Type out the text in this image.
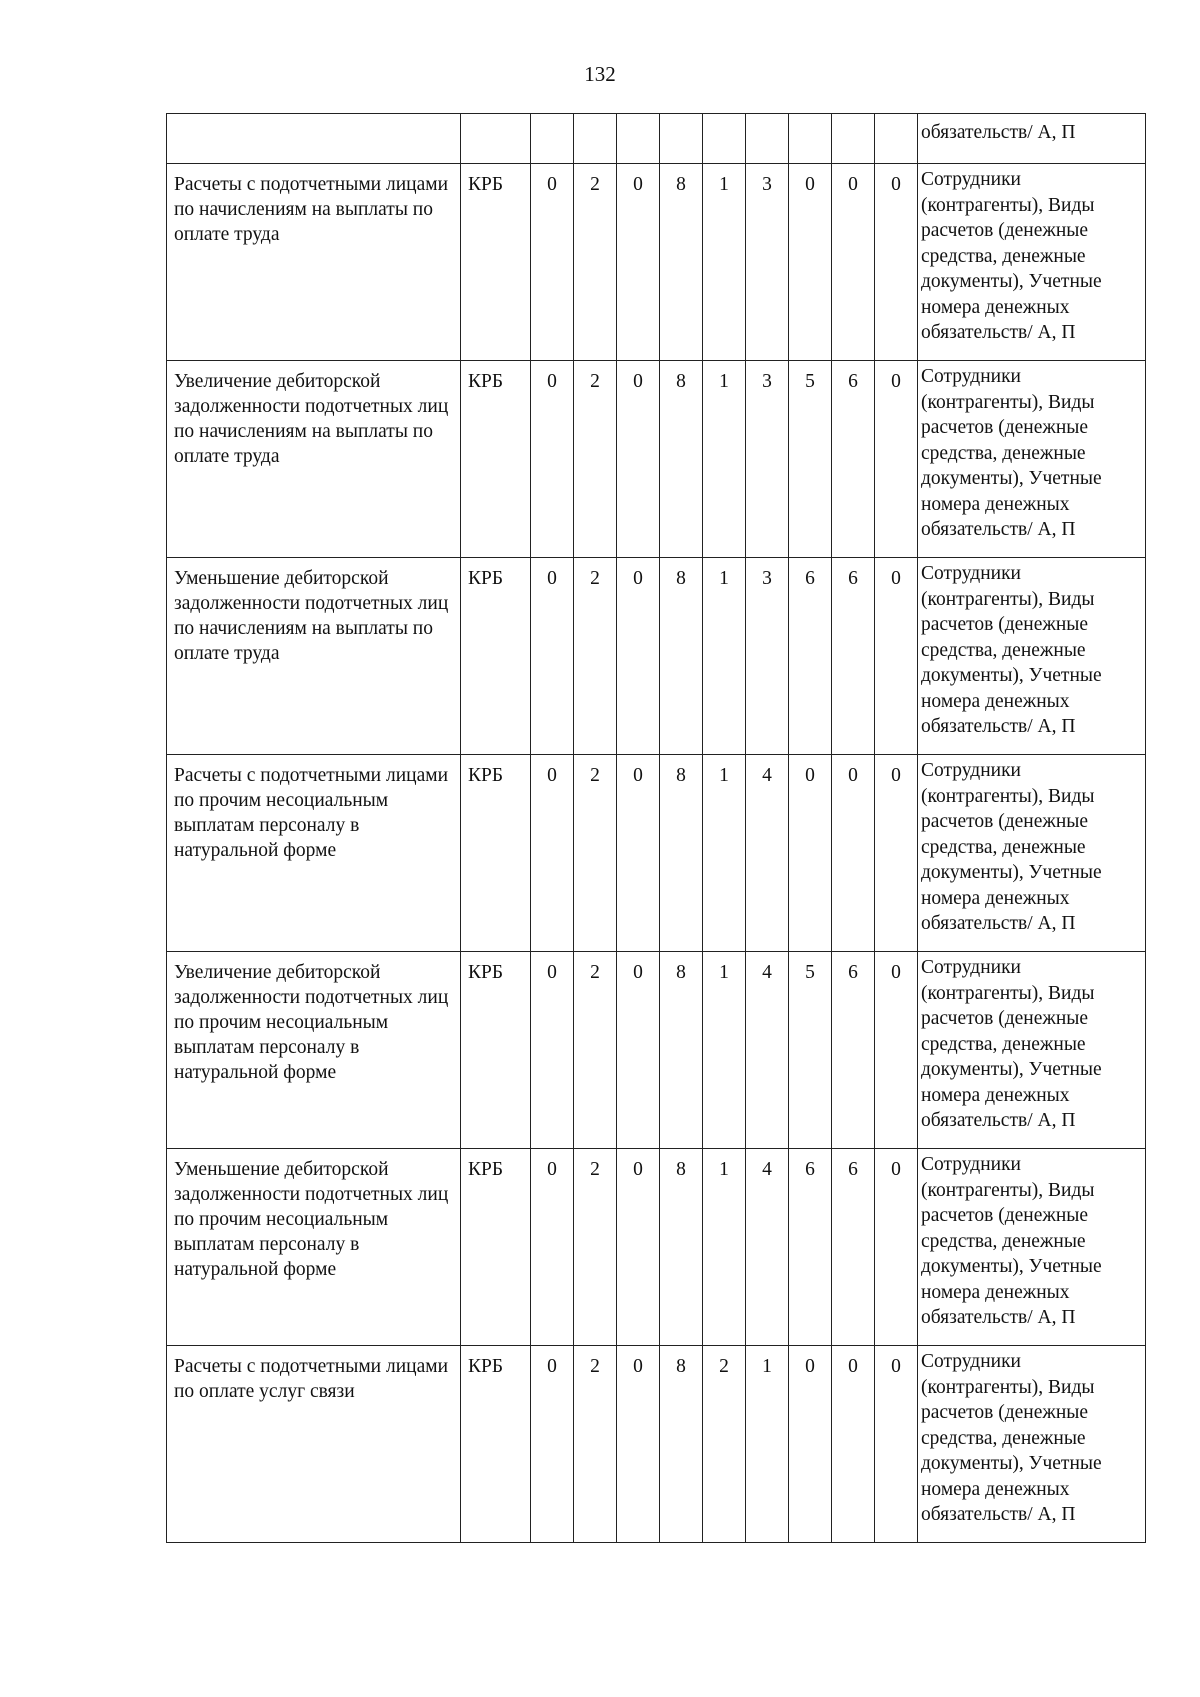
132
											обязательств/ А, П
Расчеты с подотчетными лицами по начислениям на выплаты по оплате труда	КРБ	0	2	0	8	1	3	0	0	0	Сотрудники (контрагенты), Виды расчетов (денежные средства, денежные документы), Учетные номера денежных обязательств/ А, П
Увеличение дебиторской задолженности подотчетных лиц по начислениям на выплаты по оплате труда	КРБ	0	2	0	8	1	3	5	6	0	Сотрудники (контрагенты), Виды расчетов (денежные средства, денежные документы), Учетные номера денежных обязательств/ А, П
Уменьшение дебиторской задолженности подотчетных лиц по начислениям на выплаты по оплате труда	КРБ	0	2	0	8	1	3	6	6	0	Сотрудники (контрагенты), Виды расчетов (денежные средства, денежные документы), Учетные номера денежных обязательств/ А, П
Расчеты с подотчетными лицами по прочим несоциальным выплатам персоналу в натуральной форме	КРБ	0	2	0	8	1	4	0	0	0	Сотрудники (контрагенты), Виды расчетов (денежные средства, денежные документы), Учетные номера денежных обязательств/ А, П
Увеличение дебиторской задолженности подотчетных лиц по прочим несоциальным выплатам персоналу в натуральной форме	КРБ	0	2	0	8	1	4	5	6	0	Сотрудники (контрагенты), Виды расчетов (денежные средства, денежные документы), Учетные номера денежных обязательств/ А, П
Уменьшение дебиторской задолженности подотчетных лиц по прочим несоциальным выплатам персоналу в натуральной форме	КРБ	0	2	0	8	1	4	6	6	0	Сотрудники (контрагенты), Виды расчетов (денежные средства, денежные документы), Учетные номера денежных обязательств/ А, П
Расчеты с подотчетными лицами по оплате услуг связи	КРБ	0	2	0	8	2	1	0	0	0	Сотрудники (контрагенты), Виды расчетов (денежные средства, денежные документы), Учетные номера денежных обязательств/ А, П
